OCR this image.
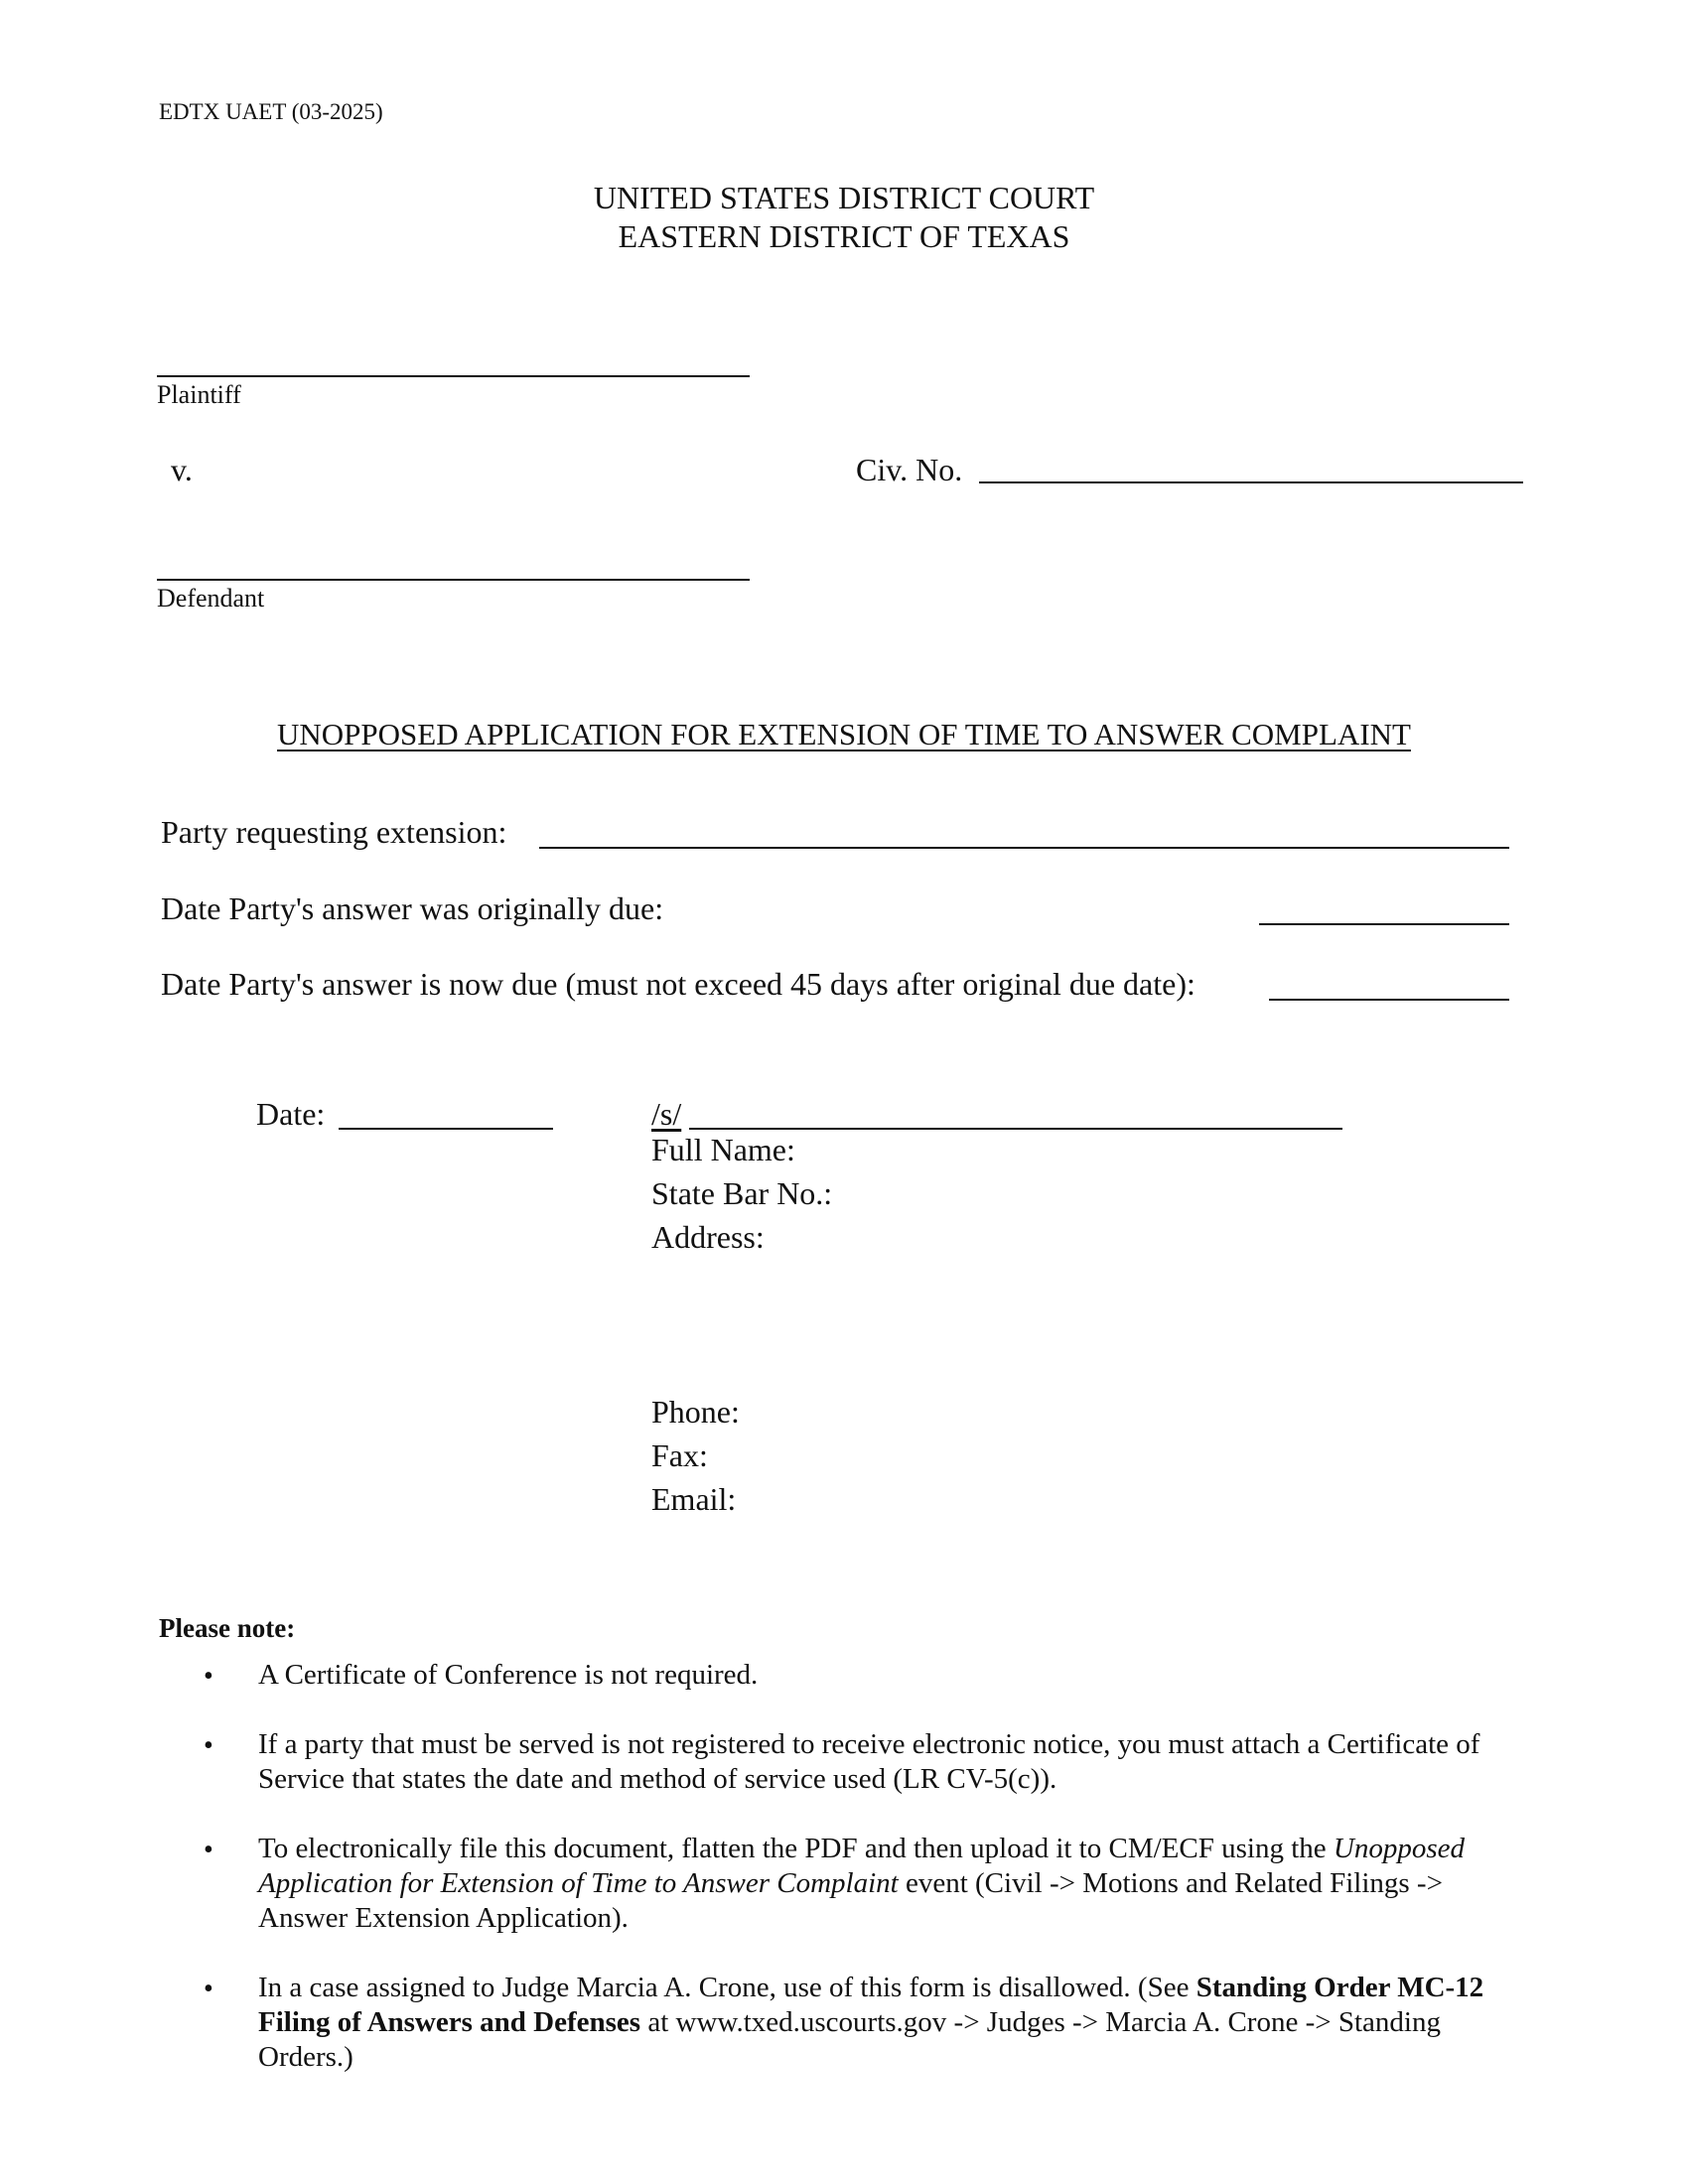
EDTX UAET (03-2025)
UNITED STATES DISTRICT COURT
EASTERN DISTRICT OF TEXAS
Plaintiff
v.	Civ. No.
Defendant
UNOPPOSED APPLICATION FOR EXTENSION OF TIME TO ANSWER COMPLAINT
Party requesting extension:
Date Party's answer was originally due:
Date Party's answer is now due (must not exceed 45 days after original due date):
Date:	/s/
Full Name:
State Bar No.:
Address:
Phone:
Fax:
Email:
Please note:
• A Certificate of Conference is not required.
• If a party that must be served is not registered to receive electronic notice, you must attach a Certificate of Service that states the date and method of service used (LR CV-5(c)).
• To electronically file this document, flatten the PDF and then upload it to CM/ECF using the Unopposed Application for Extension of Time to Answer Complaint event (Civil -> Motions and Related Filings -> Answer Extension Application).
• In a case assigned to Judge Marcia A. Crone, use of this form is disallowed. (See Standing Order MC-12 Filing of Answers and Defenses at www.txed.uscourts.gov -> Judges -> Marcia A. Crone -> Standing Orders.)
